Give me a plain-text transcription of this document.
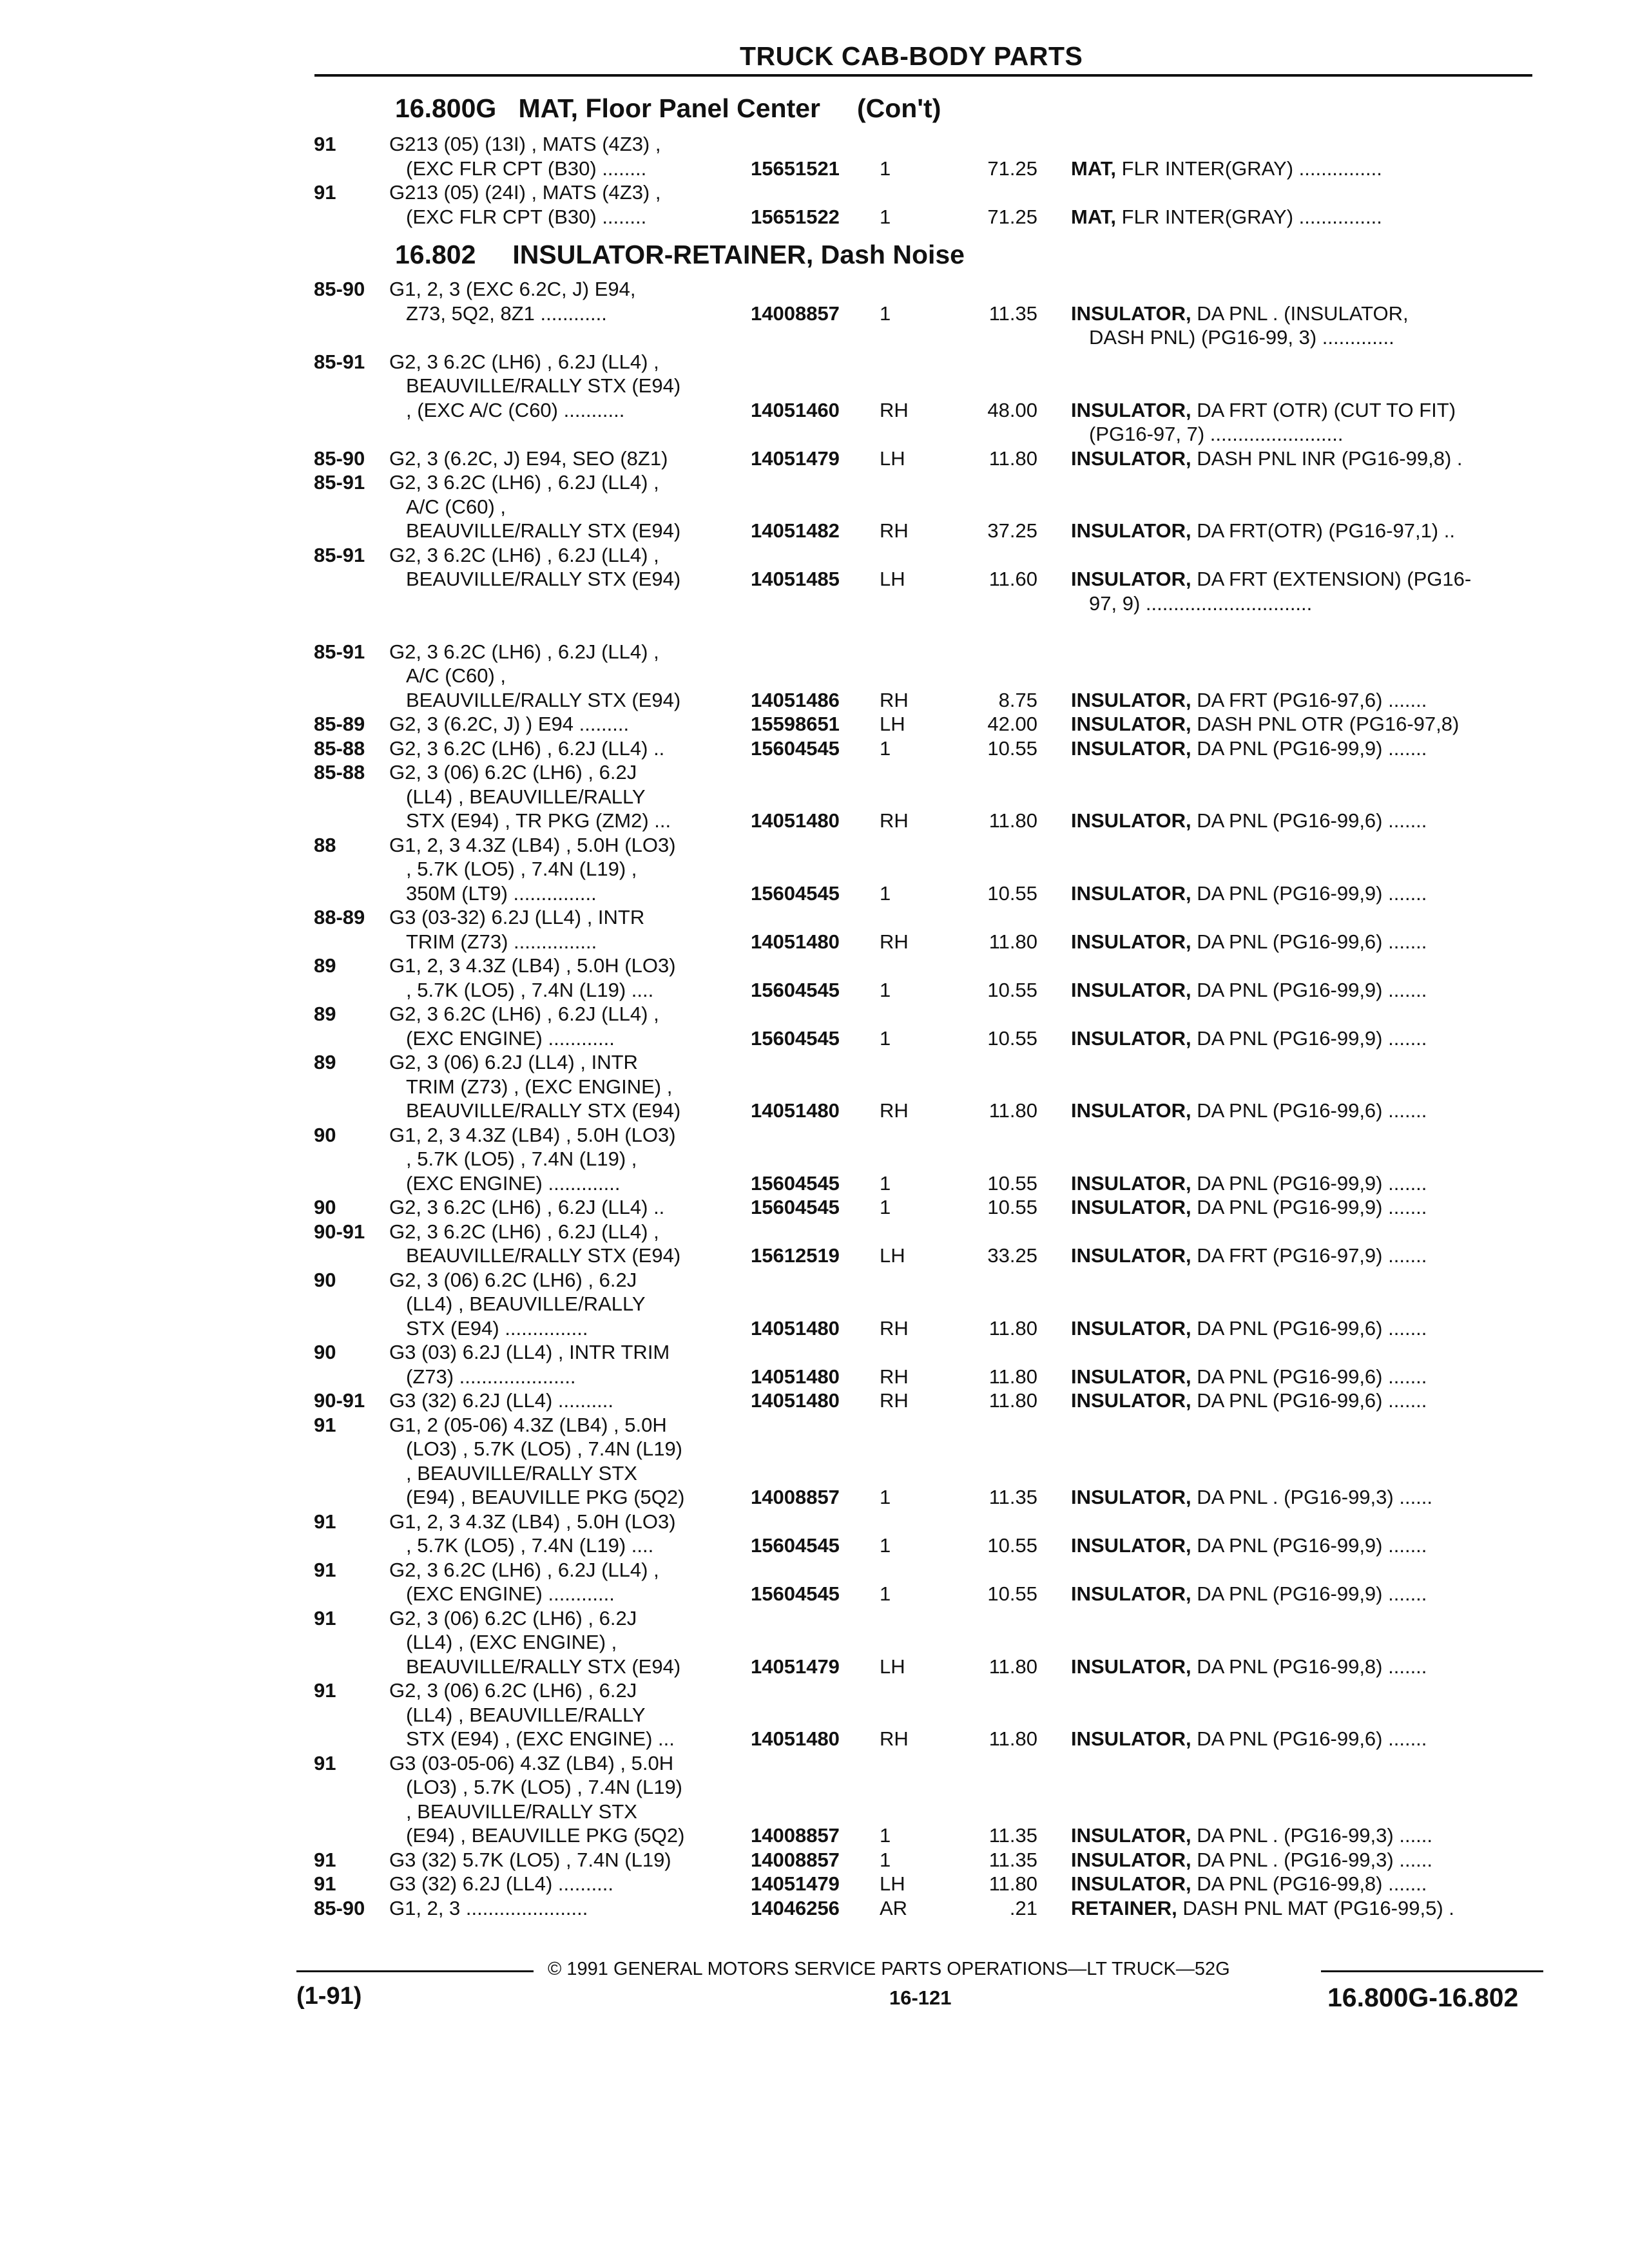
TRUCK CAB-BODY PARTS
16.800G   MAT, Floor Panel Center     (Con't)
91	G213 (05) (13I) , MATS (4Z3) ,
(EXC FLR CPT (B30) ........	15651521 1	71.25 MAT, FLR INTER(GRAY) ...............
91	G213 (05) (24I) , MATS (4Z3) ,
(EXC FLR CPT (B30) ........	15651522 1	71.25 MAT, FLR INTER(GRAY) ...............
16.802     INSULATOR-RETAINER, Dash Noise
85-90	G1, 2, 3 (EXC 6.2C, J) E94,
Z73, 5Q2, 8Z1 ............	14008857 1	11.35 INSULATOR, DA PNL . (INSULATOR,
DASH PNL) (PG16-99, 3) .............
85-91	G2, 3 6.2C (LH6) , 6.2J (LL4) ,
BEAUVILLE/RALLY STX (E94)
, (EXC A/C (C60) ...........	14051460 RH	48.00 INSULATOR, DA FRT (OTR) (CUT TO FIT)
(PG16-97, 7) ........................
85-90	G2, 3 (6.2C, J) E94, SEO (8Z1)	14051479 LH	11.80 INSULATOR, DASH PNL INR (PG16-99,8) .
85-91	G2, 3 6.2C (LH6) , 6.2J (LL4) ,
A/C (C60) ,
BEAUVILLE/RALLY STX (E94)	14051482 RH	37.25 INSULATOR, DA FRT(OTR) (PG16-97,1) ..
85-91	G2, 3 6.2C (LH6) , 6.2J (LL4) ,
BEAUVILLE/RALLY STX (E94)	14051485 LH	11.60 INSULATOR, DA FRT (EXTENSION) (PG16-
97, 9) ..............................
85-91	G2, 3 6.2C (LH6) , 6.2J (LL4) ,
A/C (C60) ,
BEAUVILLE/RALLY STX (E94)	14051486 RH	8.75 INSULATOR, DA FRT (PG16-97,6) .......
85-89	G2, 3 (6.2C, J) ) E94 .........	15598651 LH	42.00 INSULATOR, DASH PNL OTR (PG16-97,8)
85-88	G2, 3 6.2C (LH6) , 6.2J (LL4) ..	15604545 1	10.55 INSULATOR, DA PNL (PG16-99,9) .......
85-88	G2, 3 (06) 6.2C (LH6) , 6.2J
(LL4) , BEAUVILLE/RALLY
STX (E94) , TR PKG (ZM2) ...	14051480 RH	11.80 INSULATOR, DA PNL (PG16-99,6) .......
88	G1, 2, 3 4.3Z (LB4) , 5.0H (LO3)
, 5.7K (LO5) , 7.4N (L19) ,
350M (LT9) ...............	15604545 1	10.55 INSULATOR, DA PNL (PG16-99,9) .......
88-89	G3 (03-32) 6.2J (LL4) , INTR
TRIM (Z73) ...............	14051480 RH	11.80 INSULATOR, DA PNL (PG16-99,6) .......
89	G1, 2, 3 4.3Z (LB4) , 5.0H (LO3)
, 5.7K (LO5) , 7.4N (L19) ....	15604545 1	10.55 INSULATOR, DA PNL (PG16-99,9) .......
89	G2, 3 6.2C (LH6) , 6.2J (LL4) ,
(EXC ENGINE) ............	15604545 1	10.55 INSULATOR, DA PNL (PG16-99,9) .......
89	G2, 3 (06) 6.2J (LL4) , INTR
TRIM (Z73) , (EXC ENGINE) ,
BEAUVILLE/RALLY STX (E94)	14051480 RH	11.80 INSULATOR, DA PNL (PG16-99,6) .......
90	G1, 2, 3 4.3Z (LB4) , 5.0H (LO3)
, 5.7K (LO5) , 7.4N (L19) ,
(EXC ENGINE) .............	15604545 1	10.55 INSULATOR, DA PNL (PG16-99,9) .......
90	G2, 3 6.2C (LH6) , 6.2J (LL4) ..	15604545 1	10.55 INSULATOR, DA PNL (PG16-99,9) .......
90-91	G2, 3 6.2C (LH6) , 6.2J (LL4) ,
BEAUVILLE/RALLY STX (E94)	15612519 LH	33.25 INSULATOR, DA FRT (PG16-97,9) .......
90	G2, 3 (06) 6.2C (LH6) , 6.2J
(LL4) , BEAUVILLE/RALLY
STX (E94) ...............	14051480 RH	11.80 INSULATOR, DA PNL (PG16-99,6) .......
90	G3 (03) 6.2J (LL4) , INTR TRIM
(Z73) .....................	14051480 RH	11.80 INSULATOR, DA PNL (PG16-99,6) .......
90-91	G3 (32) 6.2J (LL4) ..........	14051480 RH	11.80 INSULATOR, DA PNL (PG16-99,6) .......
91	G1, 2 (05-06) 4.3Z (LB4) , 5.0H
(LO3) , 5.7K (LO5) , 7.4N (L19)
, BEAUVILLE/RALLY STX
(E94) , BEAUVILLE PKG (5Q2)	14008857 1	11.35 INSULATOR, DA PNL . (PG16-99,3) ......
91	G1, 2, 3 4.3Z (LB4) , 5.0H (LO3)
, 5.7K (LO5) , 7.4N (L19) ....	15604545 1	10.55 INSULATOR, DA PNL (PG16-99,9) .......
91	G2, 3 6.2C (LH6) , 6.2J (LL4) ,
(EXC ENGINE) ............	15604545 1	10.55 INSULATOR, DA PNL (PG16-99,9) .......
91	G2, 3 (06) 6.2C (LH6) , 6.2J
(LL4) , (EXC ENGINE) ,
BEAUVILLE/RALLY STX (E94)	14051479 LH	11.80 INSULATOR, DA PNL (PG16-99,8) .......
91	G2, 3 (06) 6.2C (LH6) , 6.2J
(LL4) , BEAUVILLE/RALLY
STX (E94) , (EXC ENGINE) ...	14051480 RH	11.80 INSULATOR, DA PNL (PG16-99,6) .......
91	G3 (03-05-06) 4.3Z (LB4) , 5.0H
(LO3) , 5.7K (LO5) , 7.4N (L19)
, BEAUVILLE/RALLY STX
(E94) , BEAUVILLE PKG (5Q2)	14008857 1	11.35 INSULATOR, DA PNL . (PG16-99,3) ......
91	G3 (32) 5.7K (LO5) , 7.4N (L19)	14008857 1	11.35 INSULATOR, DA PNL . (PG16-99,3) ......
91	G3 (32) 6.2J (LL4) ..........	14051479 LH	11.80 INSULATOR, DA PNL (PG16-99,8) .......
85-90	G1, 2, 3 ......................	14046256 AR	.21 RETAINER, DASH PNL MAT (PG16-99,5) .
© 1991 GENERAL MOTORS SERVICE PARTS OPERATIONS—LT TRUCK—52G
(1-91)	16-121	16.800G-16.802
